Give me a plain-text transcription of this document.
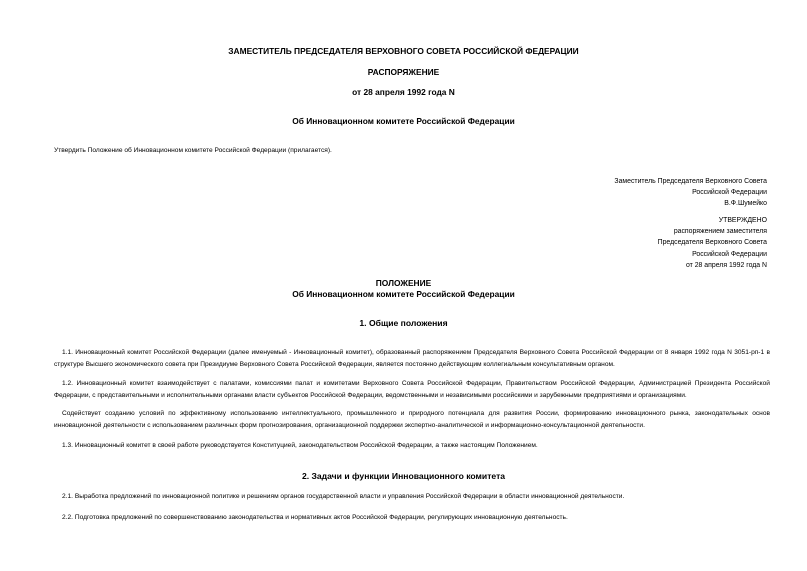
ЗАМЕСТИТЕЛЬ ПРЕДСЕДАТЕЛЯ ВЕРХОВНОГО СОВЕТА РОССИЙСКОЙ ФЕДЕРАЦИИ
РАСПОРЯЖЕНИЕ
от 28 апреля 1992 года N
Об Инновационном комитете Российской Федерации
Утвердить Положение об Инновационном комитете Российской Федерации (прилагается).
Заместитель Председателя Верховного Совета
Российской Федерации
В.Ф.Шумейко
УТВЕРЖДЕНО
распоряжением заместителя
Председателя Верховного Совета
Российской Федерации
от 28 апреля 1992 года N
ПОЛОЖЕНИЕ
Об Инновационном комитете Российской Федерации
1. Общие положения
1.1. Инновационный комитет Российской Федерации (далее именуемый - Инновационный комитет), образованный распоряжением Председателя Верховного Совета Российской Федерации от 8 января 1992 года N 3051-рп-1 в структуре Высшего экономического совета при Президиуме Верховного Совета Российской Федерации, является постоянно действующим коллегиальным консультативным органом.
1.2. Инновационный комитет взаимодействует с палатами, комиссиями палат и комитетами Верховного Совета Российской Федерации, Правительством Российской Федерации, Администрацией Президента Российской Федерации, с представительными и исполнительными органами власти субъектов Российской Федерации, ведомственными и независимыми российскими и зарубежными предприятиями и организациями.
Содействует созданию условий по эффективному использованию интеллектуального, промышленного и природного потенциала для развития России, формированию инновационного рынка, законодательных основ инновационной деятельности с использованием различных форм прогнозирования, организационной поддержки экспертно-аналитической и информационно-консультационной деятельности.
1.3. Инновационный комитет в своей работе руководствуется Конституцией, законодательством Российской Федерации, а также настоящим Положением.
2. Задачи и функции Инновационного комитета
2.1. Выработка предложений по инновационной политике и решениям органов государственной власти и управления Российской Федерации в области инновационной деятельности.
2.2. Подготовка предложений по совершенствованию законодательства и нормативных актов Российской Федерации, регулирующих инновационную деятельность.
